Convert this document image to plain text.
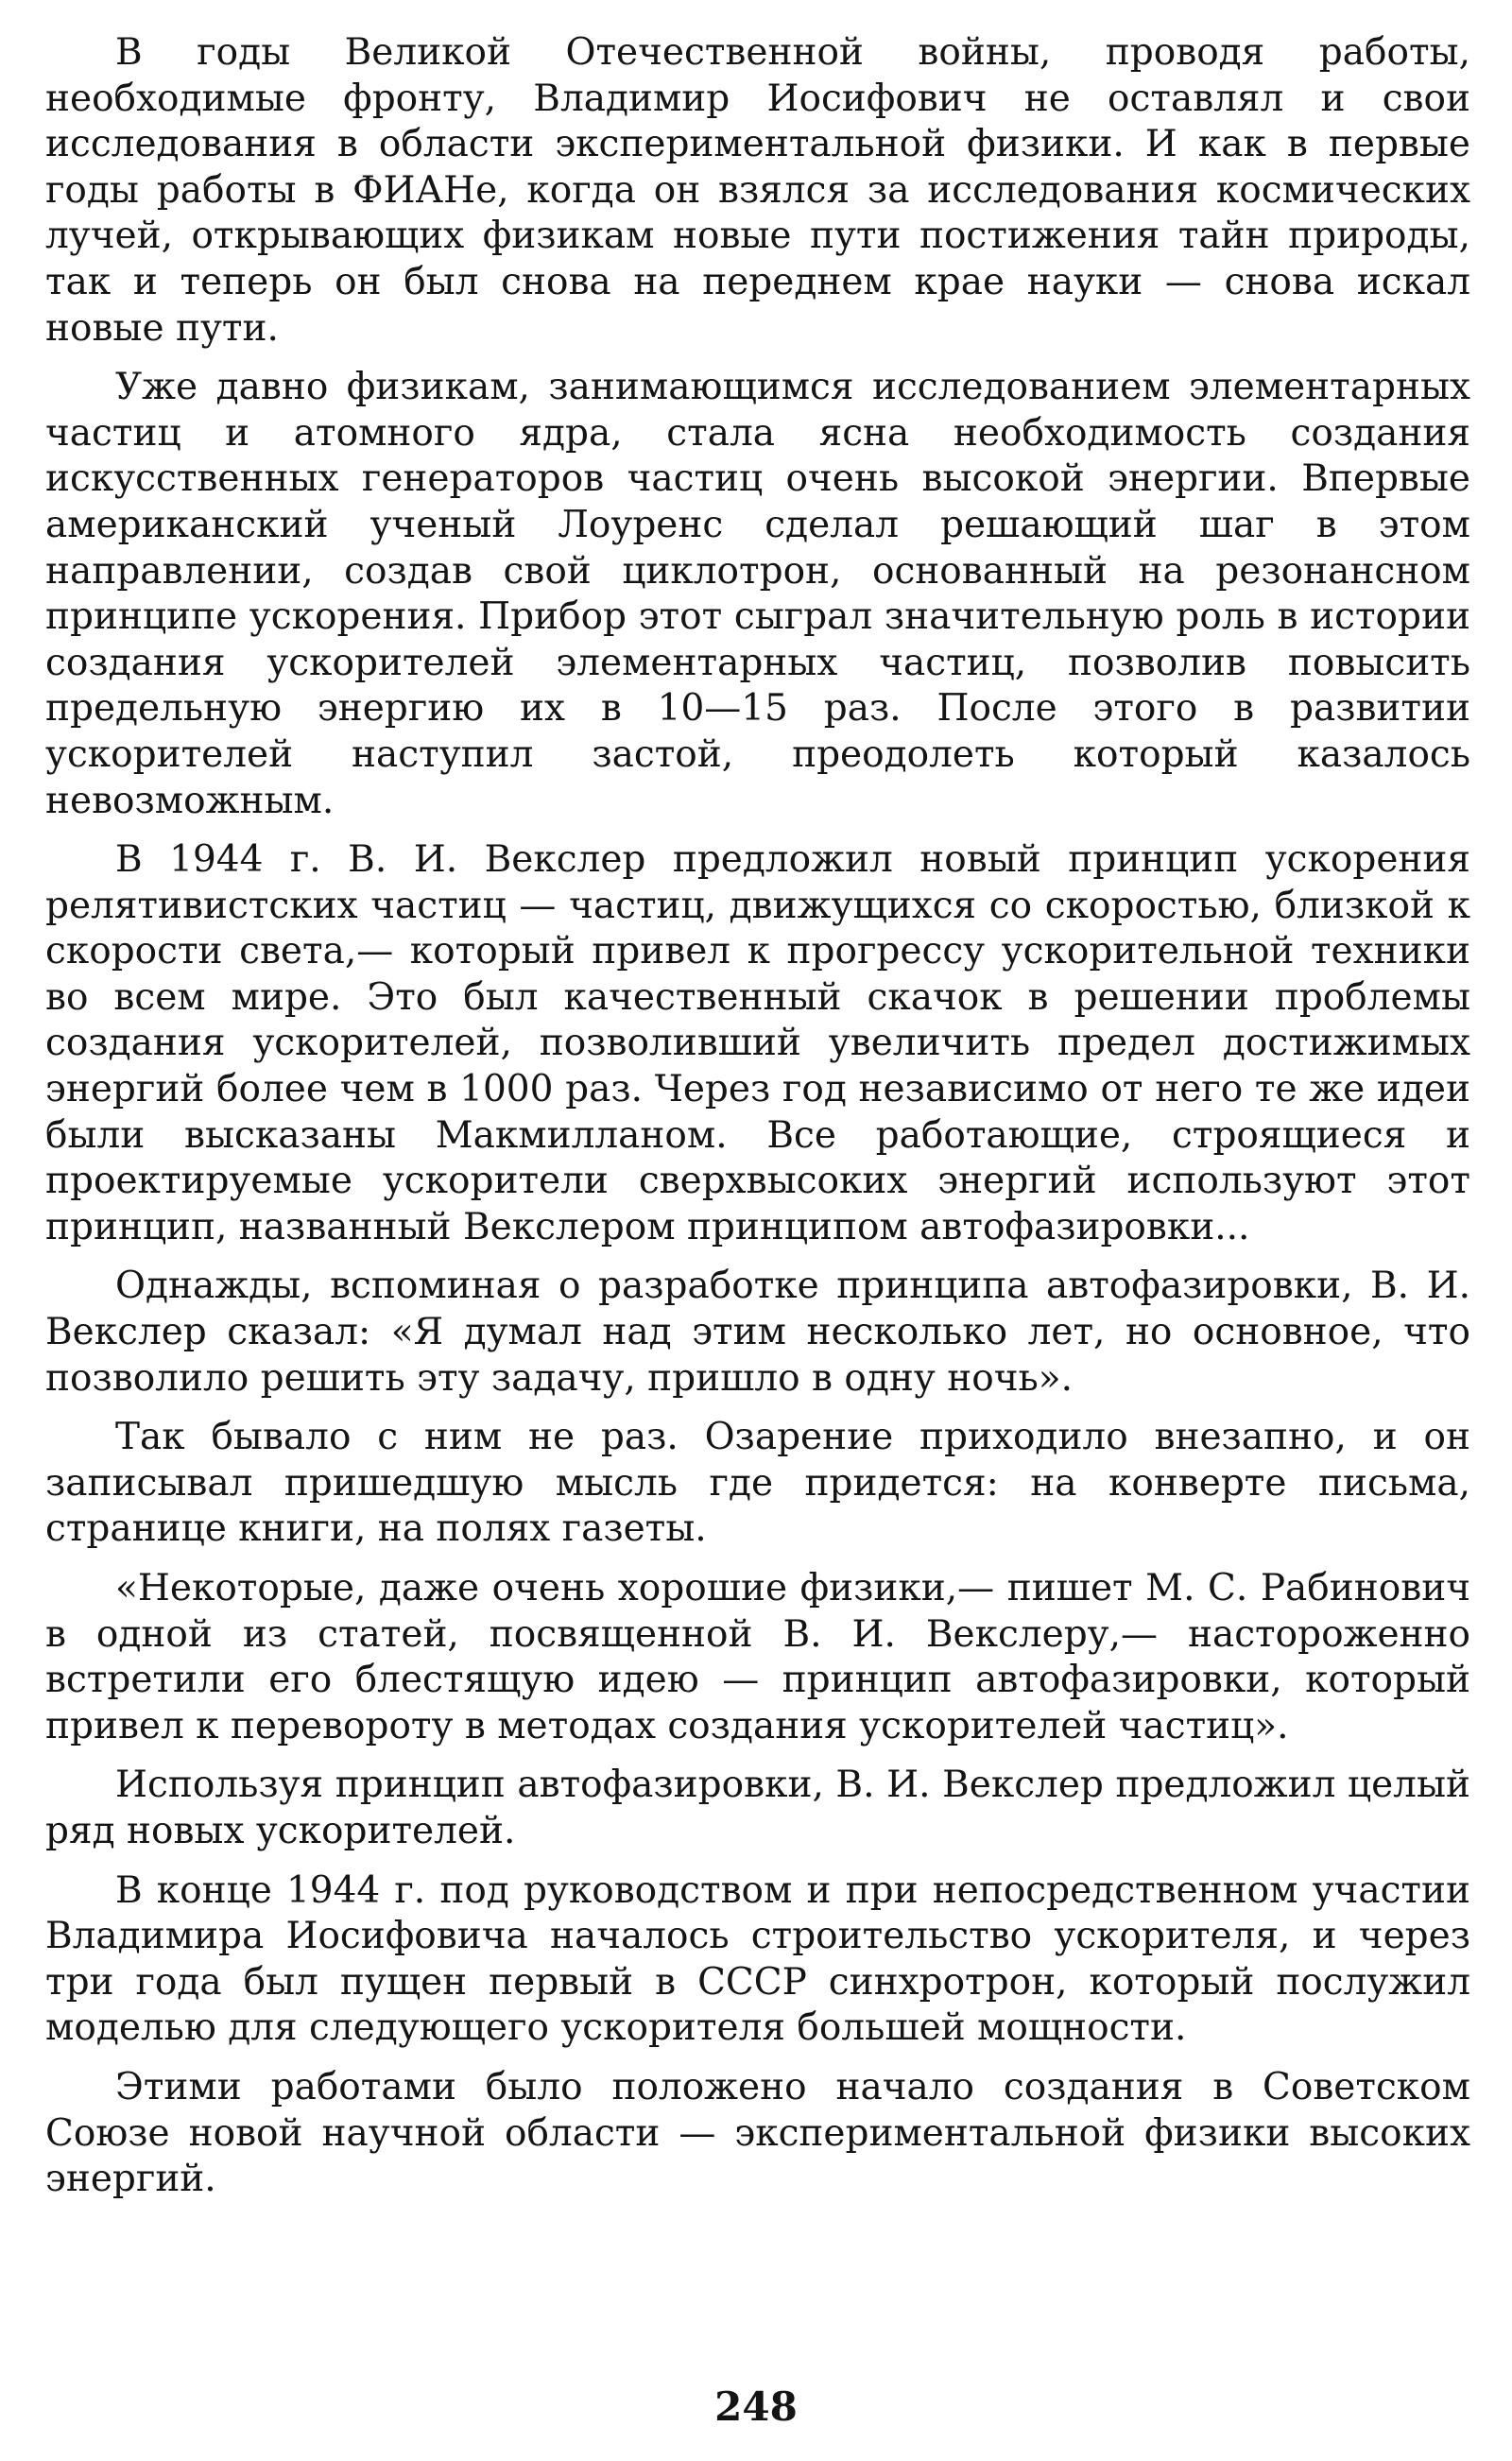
В годы Великой Отечественной войны, проводя работы, необходимые фронту, Владимир Иосифович не оставлял и свои исследования в области экспериментальной физики. И как в первые годы работы в ФИАНе, когда он взялся за исследования космических лучей, открывающих физикам новые пути постижения тайн природы, так и теперь он был снова на переднем крае науки — снова искал новые пути.

Уже давно физикам, занимающимся исследованием элементарных частиц и атомного ядра, стала ясна необходимость создания искусственных генераторов частиц очень высокой энергии. Впервые американский ученый Лоуренс сделал решающий шаг в этом направлении, создав свой циклотрон, основанный на резонансном принципе ускорения. Прибор этот сыграл значительную роль в истории создания ускорителей элементарных частиц, позволив повысить предельную энергию их в 10—15 раз. После этого в развитии ускорителей наступил застой, преодолеть который казалось невозможным.

В 1944 г. В. И. Векслер предложил новый принцип ускорения релятивистских частиц — частиц, движущихся со скоростью, близкой к скорости света,— который привел к прогрессу ускорительной техники во всем мире. Это был качественный скачок в решении проблемы создания ускорителей, позволивший увеличить предел достижимых энергий более чем в 1000 раз. Через год независимо от него те же идеи были высказаны Макмилланом. Все работающие, строящиеся и проектируемые ускорители сверхвысоких энергий используют этот принцип, названный Векслером принципом автофазировки...

Однажды, вспоминая о разработке принципа автофазировки, В. И. Векслер сказал: «Я думал над этим несколько лет, но основное, что позволило решить эту задачу, пришло в одну ночь».

Так бывало с ним не раз. Озарение приходило внезапно, и он записывал пришедшую мысль где придется: на конверте письма, странице книги, на полях газеты.

«Некоторые, даже очень хорошие физики,— пишет М. С. Рабинович в одной из статей, посвященной В. И. Векслеру,— настороженно встретили его блестящую идею — принцип автофазировки, который привел к перевороту в методах создания ускорителей частиц».

Используя принцип автофазировки, В. И. Векслер предложил целый ряд новых ускорителей.

В конце 1944 г. под руководством и при непосредственном участии Владимира Иосифовича началось строительство ускорителя, и через три года был пущен первый в СССР синхротрон, который послужил моделью для следующего ускорителя большей мощности.

Этими работами было положено начало создания в Советском Союзе новой научной области — экспериментальной физики высоких энергий.

248
